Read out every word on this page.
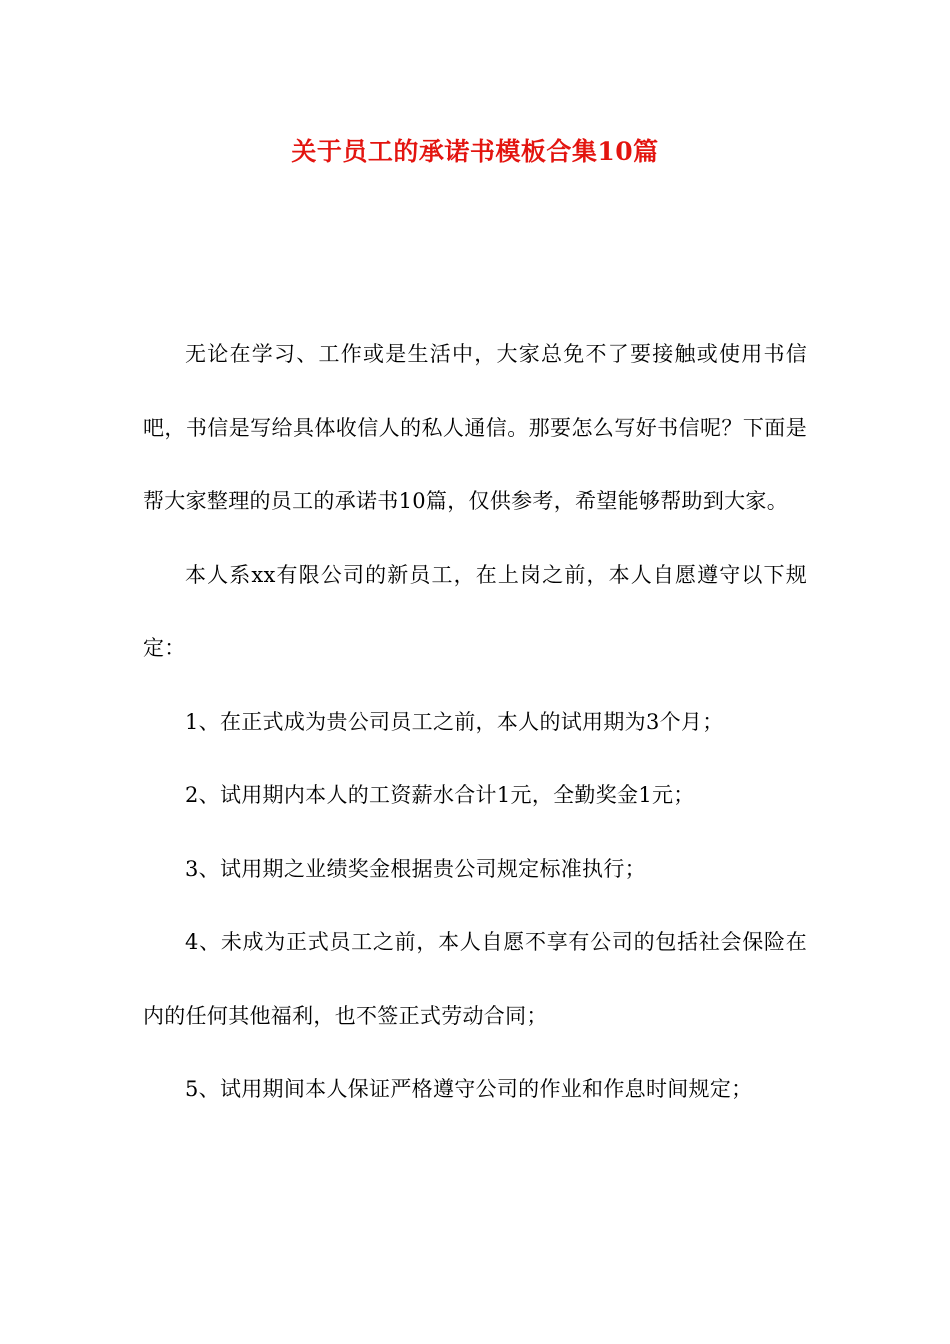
关于员工的承诺书模板合集10篇

无论在学习、工作或是生活中，大家总免不了要接触或使用书信吧，书信是写给具体收信人的私人通信。那要怎么写好书信呢？下面是帮大家整理的员工的承诺书10篇，仅供参考，希望能够帮助到大家。

本人系xx有限公司的新员工，在上岗之前，本人自愿遵守以下规定：

1、在正式成为贵公司员工之前，本人的试用期为3个月；

2、试用期内本人的工资薪水合计1元，全勤奖金1元；

3、试用期之业绩奖金根据贵公司规定标准执行；

4、未成为正式员工之前，本人自愿不享有公司的包括社会保险在内的任何其他福利，也不签正式劳动合同；

5、试用期间本人保证严格遵守公司的作业和作息时间规定；
